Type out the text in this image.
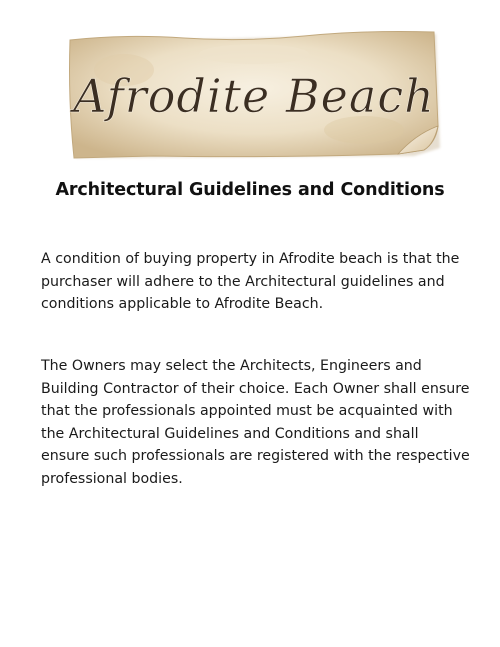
Afrodite Beach
Architectural Guidelines and Conditions

A condition of buying property in Afrodite beach is that the purchaser will adhere to the Architectural guidelines and conditions applicable to Afrodite Beach.

The Owners may select the Architects, Engineers and Building Contractor of their choice. Each Owner shall ensure that the professionals appointed must be acquainted with the Architectural Guidelines and Conditions and shall ensure such professionals are registered with the respective professional bodies.
